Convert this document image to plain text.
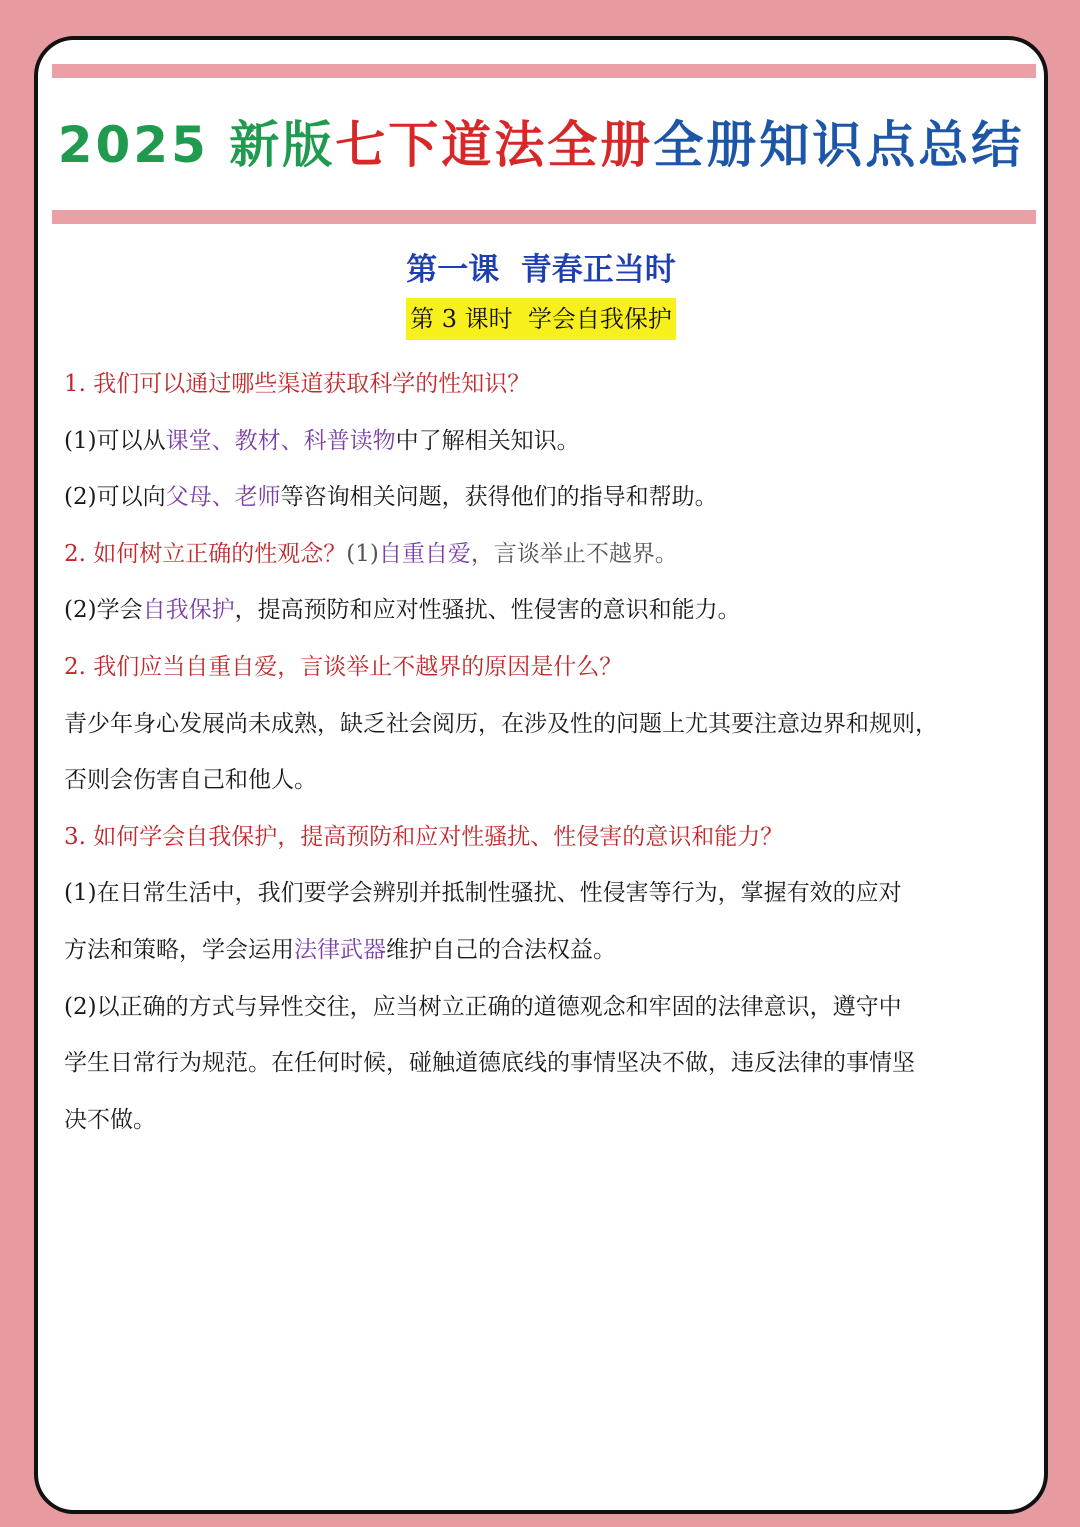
2025 新版七下道法全册全册知识点总结
第一课  青春正当时
第 3 课时  学会自我保护
1. 我们可以通过哪些渠道获取科学的性知识？
(1)可以从课堂、教材、科普读物中了解相关知识。
(2)可以向父母、老师等咨询相关问题，获得他们的指导和帮助。
2. 如何树立正确的性观念？(1)自重自爱，言谈举止不越界。
(2)学会自我保护，提高预防和应对性骚扰、性侵害的意识和能力。
2. 我们应当自重自爱，言谈举止不越界的原因是什么？
青少年身心发展尚未成熟，缺乏社会阅历，在涉及性的问题上尤其要注意边界和规则，
否则会伤害自己和他人。
3. 如何学会自我保护，提高预防和应对性骚扰、性侵害的意识和能力？
(1)在日常生活中，我们要学会辨别并抵制性骚扰、性侵害等行为，掌握有效的应对
方法和策略，学会运用法律武器维护自己的合法权益。
(2)以正确的方式与异性交往，应当树立正确的道德观念和牢固的法律意识，遵守中
学生日常行为规范。在任何时候，碰触道德底线的事情坚决不做，违反法律的事情坚
决不做。
